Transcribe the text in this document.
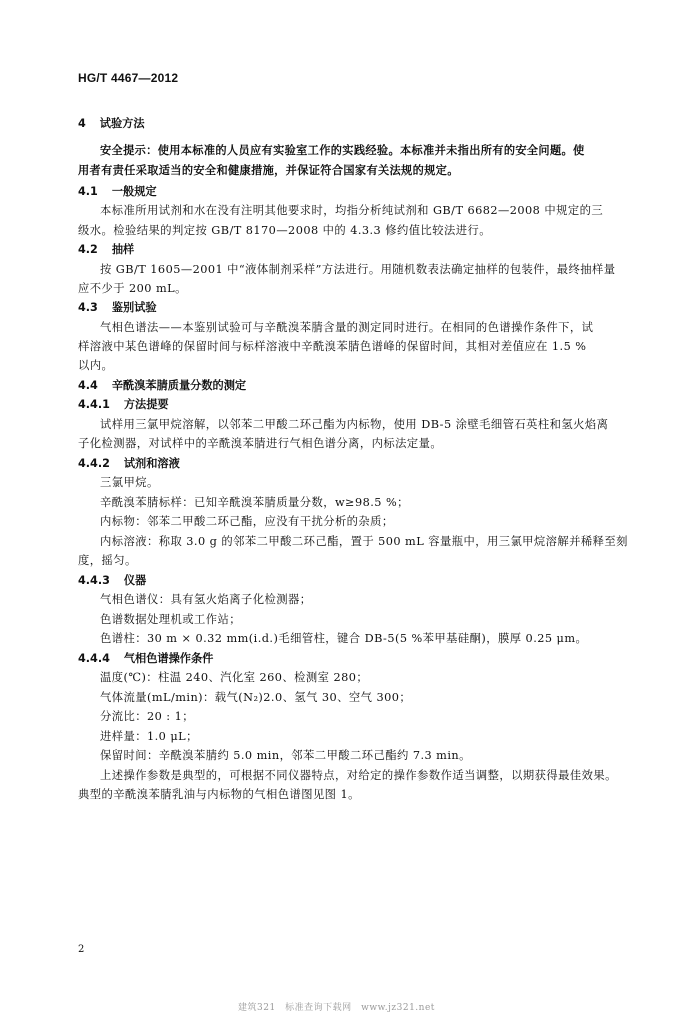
HG/T 4467—2012
4 试验方法
安全提示：使用本标准的人员应有实验室工作的实践经验。本标准并未指出所有的安全问题。使
用者有责任采取适当的安全和健康措施，并保证符合国家有关法规的规定。
4.1 一般规定
本标准所用试剂和水在没有注明其他要求时，均指分析纯试剂和 GB/T 6682—2008 中规定的三
级水。检验结果的判定按 GB/T 8170—2008 中的 4.3.3 修约值比较法进行。
4.2 抽样
按 GB/T 1605—2001 中“液体制剂采样”方法进行。用随机数表法确定抽样的包装件，最终抽样量
应不少于 200 mL。
4.3 鉴别试验
气相色谱法——本鉴别试验可与辛酰溴苯腈含量的测定同时进行。在相同的色谱操作条件下，试
样溶液中某色谱峰的保留时间与标样溶液中辛酰溴苯腈色谱峰的保留时间，其相对差值应在 1.5 %
以内。
4.4 辛酰溴苯腈质量分数的测定
4.4.1 方法提要
试样用三氯甲烷溶解，以邻苯二甲酸二环己酯为内标物，使用 DB-5 涂壁毛细管石英柱和氢火焰离
子化检测器，对试样中的辛酰溴苯腈进行气相色谱分离，内标法定量。
4.4.2 试剂和溶液
三氯甲烷。
辛酰溴苯腈标样：已知辛酰溴苯腈质量分数，w≥98.5 %；
内标物：邻苯二甲酸二环己酯，应没有干扰分析的杂质；
内标溶液：称取 3.0 g 的邻苯二甲酸二环己酯，置于 500 mL 容量瓶中，用三氯甲烷溶解并稀释至刻
度，摇匀。
4.4.3 仪器
气相色谱仪：具有氢火焰离子化检测器；
色谱数据处理机或工作站；
色谱柱：30 m × 0.32 mm(i.d.)毛细管柱，键合 DB-5(5 %苯甲基硅酮)，膜厚 0.25 μm。
4.4.4 气相色谱操作条件
温度(℃)：柱温 240、汽化室 260、检测室 280；
气体流量(mL/min)：载气(N₂)2.0、氢气 30、空气 300；
分流比：20 : 1；
进样量：1.0 μL；
保留时间：辛酰溴苯腈约 5.0 min，邻苯二甲酸二环己酯约 7.3 min。
上述操作参数是典型的，可根据不同仪器特点，对给定的操作参数作适当调整，以期获得最佳效果。
典型的辛酰溴苯腈乳油与内标物的气相色谱图见图 1。
2
建筑321　标准查询下载网　www.jz321.net
